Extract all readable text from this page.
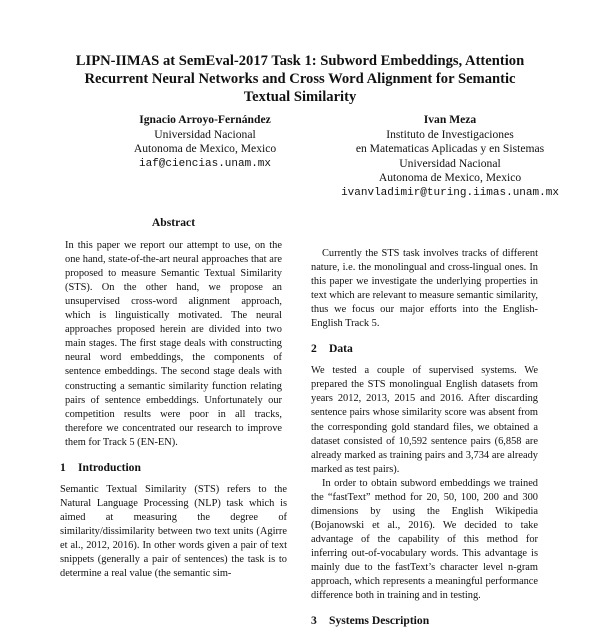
LIPN-IIMAS at SemEval-2017 Task 1: Subword Embeddings, Attention
Recurrent Neural Networks and Cross Word Alignment for Semantic
Textual Similarity
Ignacio Arroyo-Fernández
Universidad Nacional
Autonoma de Mexico, Mexico
iaf@ciencias.unam.mx
Ivan Meza
Instituto de Investigaciones
en Matematicas Aplicadas y en Sistemas
Universidad Nacional
Autonoma de Mexico, Mexico
ivanvladimir@turing.iimas.unam.mx
Abstract

In this paper we report our attempt to use, on the one hand, state-of-the-art neural approaches that are proposed to measure Semantic Textual Similarity (STS). On the other hand, we propose an unsupervised cross-word alignment approach, which is linguistically motivated. The neural approaches proposed herein are divided into two main stages. The first stage deals with constructing neural word embeddings, the components of sentence embeddings. The second stage deals with constructing a semantic similarity function relating pairs of sentence embeddings. Unfortunately our competition results were poor in all tracks, therefore we concentrated our research to improve them for Track 5 (EN-EN).

1 Introduction

Semantic Textual Similarity (STS) refers to the Natural Language Processing (NLP) task which is aimed at measuring the degree of similarity/dissimilarity between two text units (Agirre et al., 2012, 2016). In other words given a pair of text snippets (generally a pair of sentences) the task is to determine a real value (the semantic sim-

Currently the STS task involves tracks of different nature, i.e. the monolingual and cross-lingual ones. In this paper we investigate the underlying properties in text which are relevant to measure semantic similarity, thus we focus our major efforts into the English-English Track 5.

2 Data

We tested a couple of supervised systems. We prepared the STS monolingual English datasets from years 2012, 2013, 2015 and 2016. After discarding sentence pairs whose similarity score was absent from the corresponding gold standard files, we obtained a dataset consisted of 10,592 sentence pairs (6,858 are already marked as training pairs and 3,734 are already marked as test pairs).

In order to obtain subword embeddings we trained the “fastText” method for 20, 50, 100, 200 and 300 dimensions by using the English Wikipedia (Bojanowski et al., 2016). We decided to take advantage of the capability of this method for inferring out-of-vocabulary words. This advantage is mainly due to the fastText’s character level n-gram approach, which represents a meaningful performance difference both in training and in testing.

3 Systems Description
